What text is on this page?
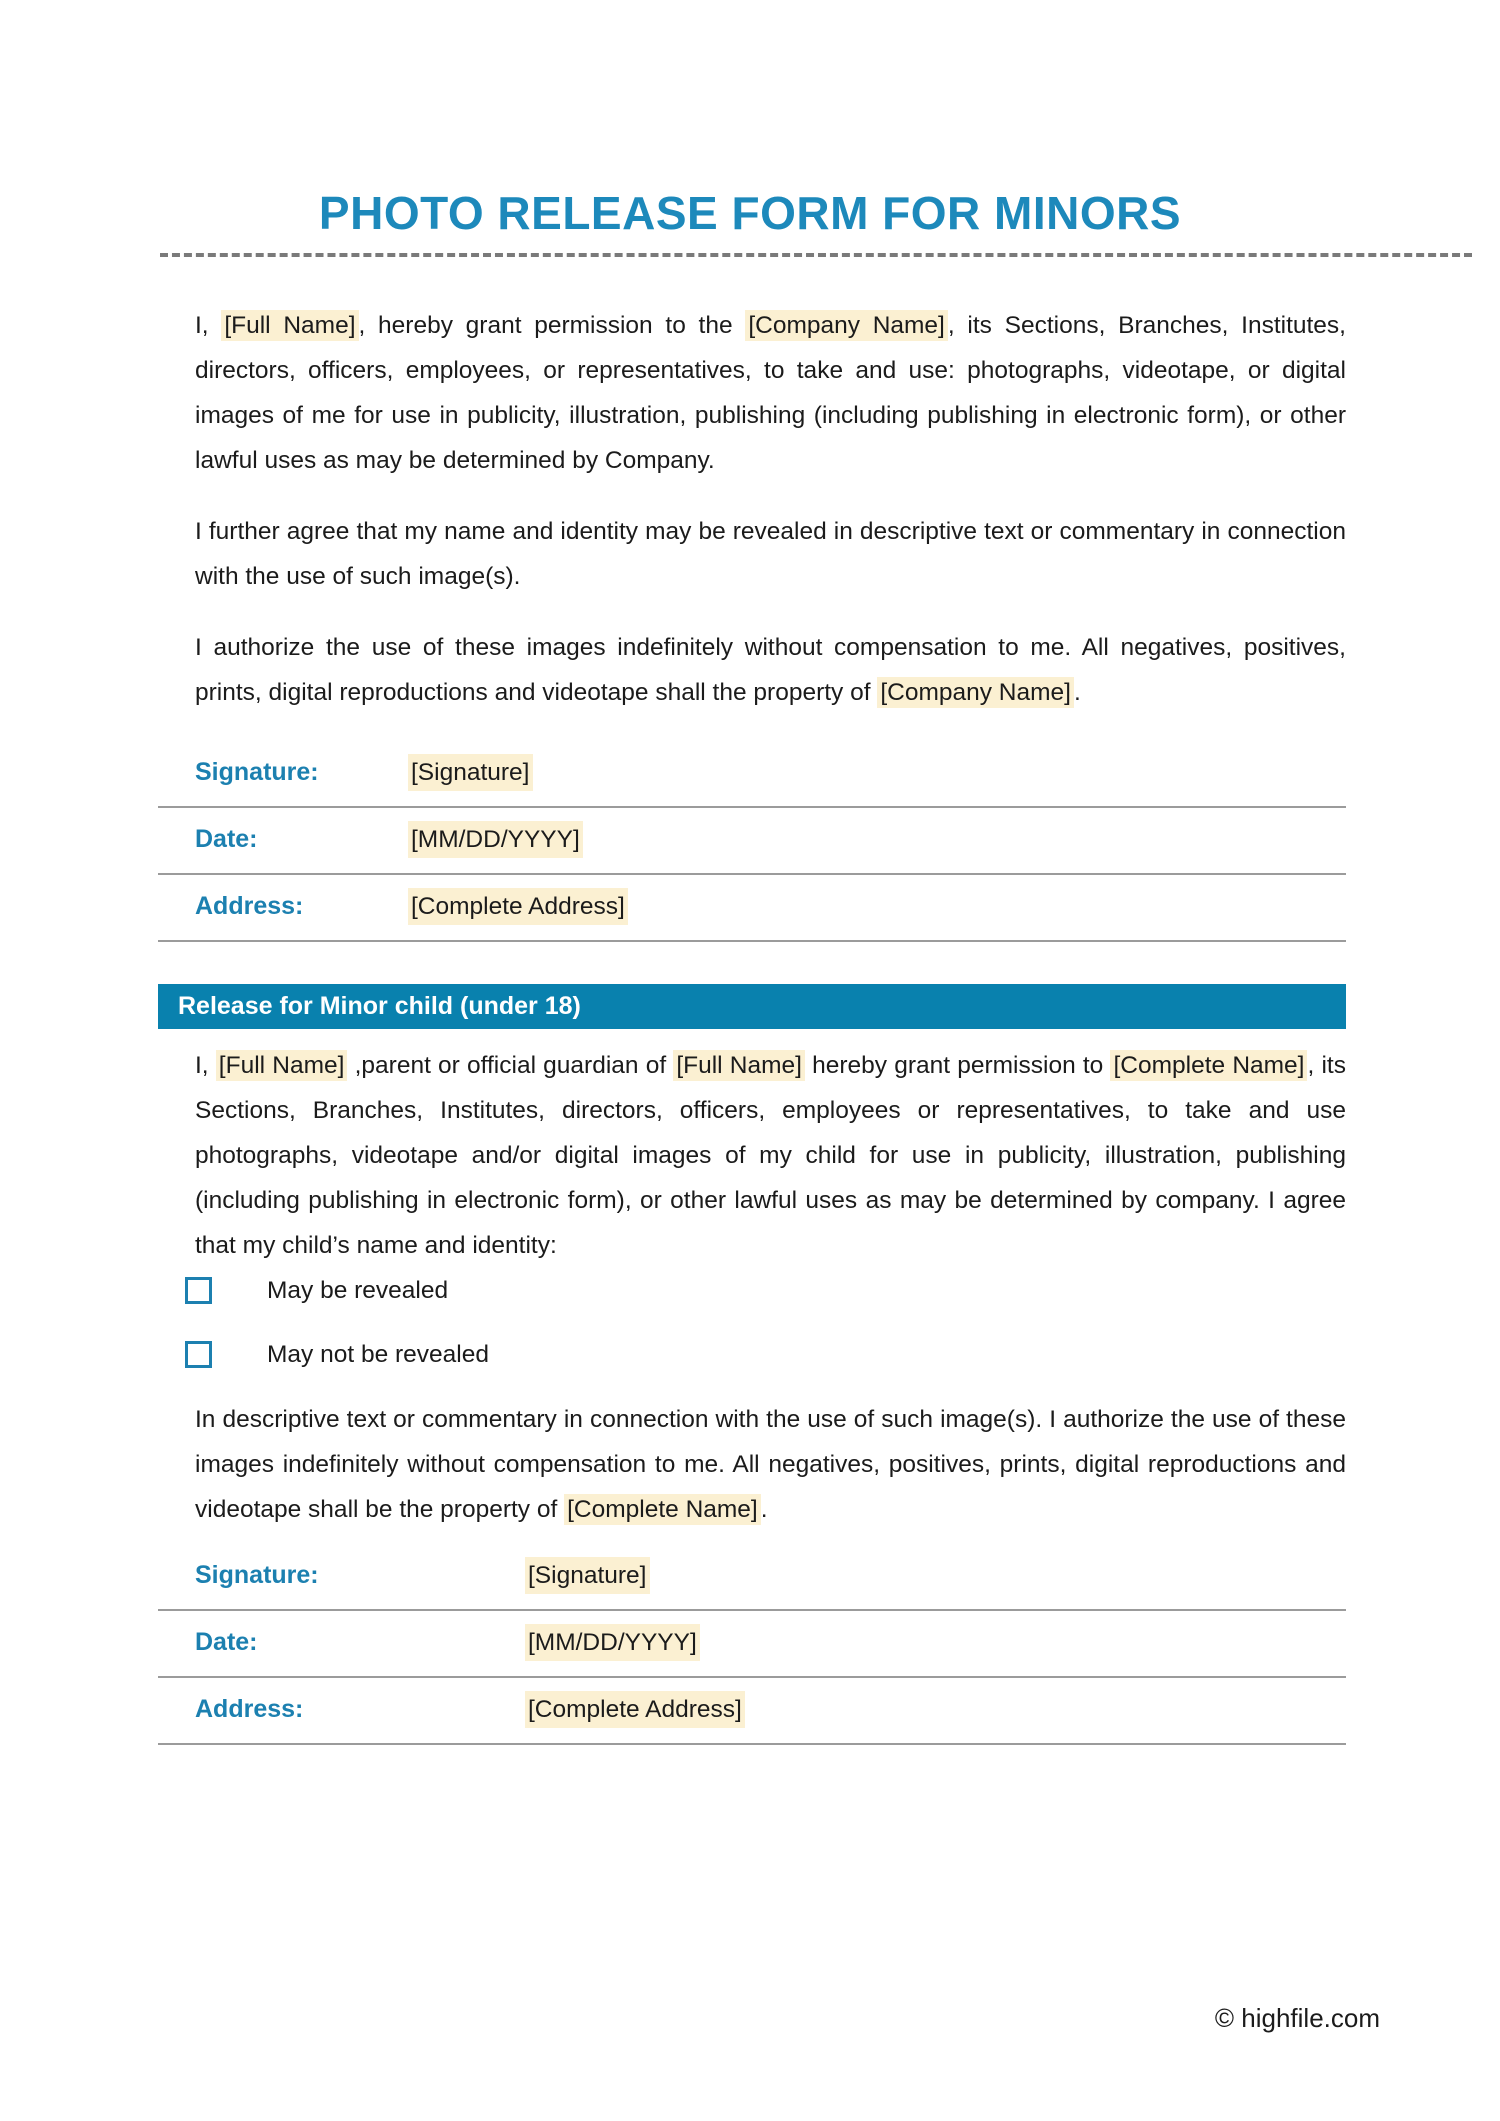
PHOTO RELEASE FORM FOR MINORS

I, [Full Name] , hereby grant permission to the [Company Name] , its Sections, Branches, Institutes, directors, officers, employees, or representatives, to take and use: photographs, videotape, or digital images of me for use in publicity, illustration, publishing (including publishing in electronic form), or other lawful uses as may be determined by Company.

I further agree that my name and identity may be revealed in descriptive text or commentary in connection with the use of such image(s).

I authorize the use of these images indefinitely without compensation to me. All negatives, positives, prints, digital reproductions and videotape shall the property of [Company Name] .

Signature:	[Signature]
Date:	[MM/DD/YYYY]
Address:	[Complete Address]
Release for Minor child (under 18)

I, [Full Name] ,parent or official guardian of [Full Name] hereby grant permission to [Complete Name] , its Sections, Branches, Institutes, directors, officers, employees or representatives, to take and use photographs, videotape and/or digital images of my child for use in publicity, illustration, publishing (including publishing in electronic form), or other lawful uses as may be determined by company. I agree that my child’s name and identity:

May be revealed
May not be revealed

In descriptive text or commentary in connection with the use of such image(s). I authorize the use of these images indefinitely without compensation to me. All negatives, positives, prints, digital reproductions and videotape shall be the property of [Complete Name] .

Signature:	[Signature]
Date:	[MM/DD/YYYY]
Address:	[Complete Address]
© highfile.com
